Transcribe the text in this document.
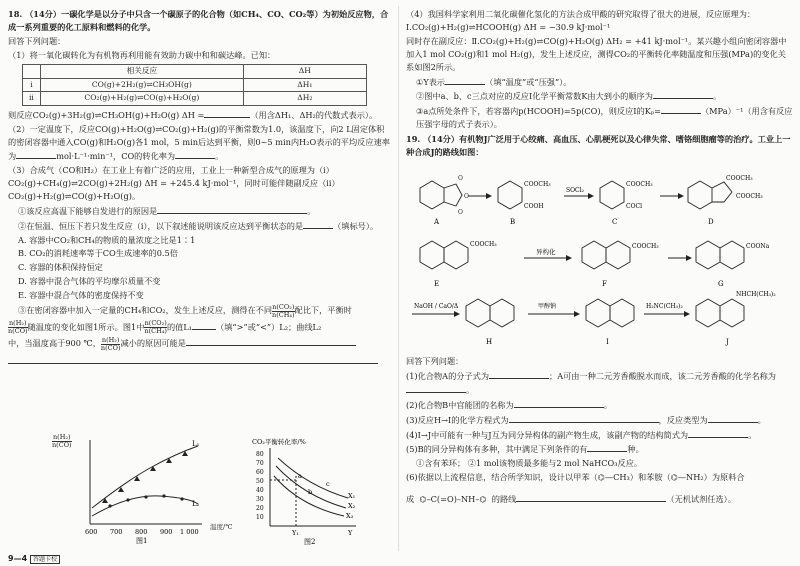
18. （14分）一碳化学是以分子中只含一个碳原子的化合物（如CH₄、CO、CO₂等）为初始反应物，合成一系列重要的化工原料和燃料的化学。

回答下列问题：

（1）将一氧化碳转化为有机物再利用能有效助力碳中和和碳达峰。已知：

	相关反应	ΔH
i	CO(g)+2H₂(g)⇌CH₃OH(g)	ΔH₁
ii	CO₂(g)+H₂(g)⇌CO(g)+H₂O(g)	ΔH₂

则反应CO₂(g)+3H₂(g)⇌CH₃OH(g)+H₂O(g) ΔH =	（用含ΔH₁、ΔH₂的代数式表示）。

（2）一定温度下，反应CO(g)+H₂O(g)⇌CO₂(g)+H₂(g)的平衡常数为1.0，该温度下，向2 L固定体积的密闭容器中通入CO(g)和H₂O(g)各1 mol，5 min后达到平衡，则0~5 min内H₂O表示的平均反应速率为	mol·L⁻¹·min⁻¹，CO的转化率为	。

（3）合成气（CO和H₂）在工业上有着广泛的应用，工业上一种新型合成气的原理为（i）CO₂(g)+CH₄(g)⇌2CO(g)+2H₂(g) ΔH = +245.4 kJ·mol⁻¹，同时可能伴随副反应（ii）CO₂(g)+H₂(g)⇌CO(g)+H₂O(g)。

①该反应高温下能够自发进行的原因是	。

②在恒温、恒压下若只发生反应（i），以下叙述能说明该反应达到平衡状态的是	（填标号）。

A. 容器中CO₂和CH₄的物质的量浓度之比是1∶1

B. CO₂的消耗速率等于CO生成速率的0.5倍

C. 容器的体积保持恒定

D. 容器中混合气体的平均摩尔质量不变

E. 容器中混合气体的密度保持不变

③在密闭容器中加入一定量的CH₄和CO₂，发生上述反应，测得在不同 $\frac{\text{n(CO₂)}}{\text{n(CH₄)}}$ 配比下，平衡时

$\frac{\text{n(H₂)}}{n(CO)}$ 随温度的变化如图1所示。图1中 $\frac{\text{n(CO₂)}}{\text{n(CH₄)}}$ 的值L₁	（填“>”或“<”）L₂；曲线L₂

中，当温度高于900 ℃， $\frac{\text{n(H₂)}}{n(CO)}$ 减小的原因可能是

L₁
L₂
600 700 800 900 1 000
图1
$\frac{\text{n(H₂)}}{n(CO)}$
温度/℃
CO₂平衡转化率/%
80
70
60
50
40
30
20
10
X₁
X₂
X₃
a
b
c
Y₁	Y
图2

（4）我国科学家利用二氧化碳催化氢化的方法合成甲酸的研究取得了很大的进展，反应原理为：Ⅰ.CO₂(g)+H₂(g)⇌HCOOH(g) ΔH = −30.9 kJ·mol⁻¹

同时存在副反应：Ⅱ.CO₂(g)+H₂(g)⇌CO(g)+H₂O(g) ΔH₂ = +41 kJ·mol⁻¹。某兴趣小组向密闭容器中加入1 mol CO₂(g)和1 mol H₂(g)，发生上述反应，测得CO₂的平衡转化率随温度和压强(MPa)的变化关系如图2所示。

①Y表示	（填“温度”或“压强”）。

②图中a、b、c三点对应的反应Ⅰ化学平衡常数K由大到小的顺序为	。

③a点所处条件下，若容器内p(HCOOH)=5p(CO)，则反应Ⅰ的Kₚ=	（MPa）⁻¹（用含有反应压强字母的式子表示）。

19. （14分）有机物J广泛用于心绞痛、高血压、心肌梗死以及心律失常、嗜铬细胞瘤等的治疗。工业上一种合成J的路线如图：

O
O
O
A
COOCH₃
COOH
B
SOCl₂
COOCH₃
COCl
C
COOCH₃
COOCH₃
D
COOCH₃
E
异构化
COOCH₃
F
COONa
G
NaOH / CaO/Δ
H
甲醇钠
I
H₂NC(CH₃)₂
NHCH(CH₃)₂
J

回答下列问题：

(1)化合物A的分子式为	；A可由一种二元芳香酸脱水而成，该二元芳香酸的化学名称为。

(2)化合物B中官能团的名称为	。

(3)反应H→I的化学方程式为	，反应类型为	。

(4)I→J中可能有一种与J互为同分异构体的副产物生成，该副产物的结构简式为	。

(5)B的同分异构体有多种，其中满足下列条件的有	种。

①含有苯环； ②1 mol该物质最多能与2 mol NaHCO₃反应。

(6)依据以上流程信息，结合所学知识，设计以甲苯（⌬—CH₃）和苯胺（⌬—NH₂）为原料合

成 ⌬–C(=O)–NH–⌬ 的路线	（无机试剂任选）。

9—4 答题卡校
